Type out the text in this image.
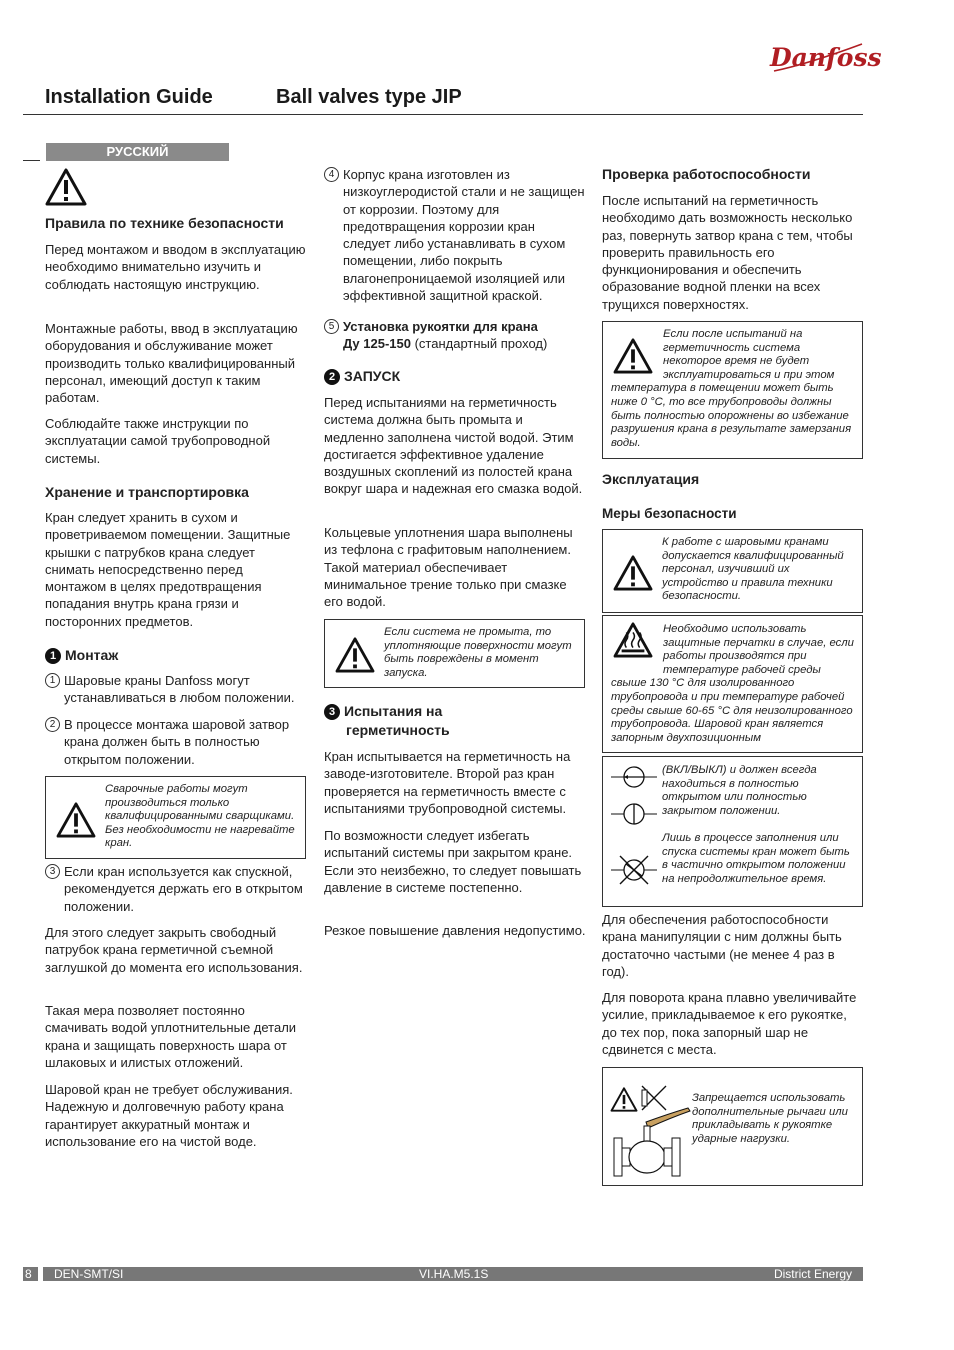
Danfoss
Installation Guide	Ball valves type JIP
РУССКИЙ
Правила по технике безопасности

Перед монтажом и вводом в эксплуатацию необходимо внимательно изучить и соблюдать настоящую инструкцию.

Монтажные работы, ввод в эксплуатацию оборудования и обслуживание может производить только квалифицированный персонал, имеющий доступ к таким работам.

Соблюдайте также инструкции по эксплуатации самой трубопроводной системы.

Хранение и транспортировка

Кран следует хранить в сухом и проветриваемом помещении. Защитные крышки с патрубков крана следует снимать непосредственно перед монтажом в целях предотвращения попадания внутрь крана грязи и посторонних предметов.

1 Монтаж
1 Шаровые краны Danfoss могут устанавливаться в любом положении.
2 В процессе монтажа шаровой затвор крана должен быть в полностью открытом положении.
Сварочные работы могут производиться только квалифицированными сварщиками. Без необходимости не нагревайте кран.
3 Если кран используется как спускной, рекомендуется держать его в открытом положении.

Для этого следует закрыть свободный патрубок крана герметичной съемной заглушкой до момента его использования.

Такая мера позволяет постоянно смачивать водой уплотнительные детали крана и защищать поверхность шара от шлаковых и илистых отложений.

Шаровой кран не требует обслуживания. Надежную и долговечную работу крана гарантирует аккуратный монтаж и использование его на чистой воде.

4 Корпус крана изготовлен из низкоуглеродистой стали и не защищен от коррозии. Поэтому для предотвращения коррозии кран следует либо устанавливать в сухом помещении, либо покрыть влагонепроницаемой изоляцией или эффективной защитной краской.
5 Установка рукоятки для крана
Ду 125-150 (стандартный проход)
2 ЗАПУСК

Перед испытаниями на герметичность система должна быть промыта и медленно заполнена чистой водой. Этим достигается эффективное удаление воздушных скоплений из полостей крана вокруг шара и надежная его смазка водой.

Кольцевые уплотнения шара выполнены из тефлона с графитовым наполнением. Такой материал обеспечивает минимальное трение только при смазке его водой.

Если система не промыта, то уплотняющие поверхности могут быть повреждены в момент запуска.
3 Испытания на
герметичность

Кран испытывается на герметичность на заводе-изготовителе. Второй раз кран проверяется на герметичность вместе с испытаниями трубопроводной системы.

По возможности следует избегать испытаний системы при закрытом кране. Если это неизбежно, то следует повышать давление в системе постепенно.

Резкое повышение давления недопустимо.

Проверка работоспособности

После испытаний на герметичность необходимо дать возможность несколько раз, повернуть затвор крана с тем, чтобы проверить правильность его функционирования и обеспечить образование водной пленки на всех трущихся поверхностях.

Если после испытаний на герметичность система некоторое время не будет эксплуатироваться и при этом температура в помещении может быть ниже 0 °С, то все трубопроводы должны быть полностью опорожнены во избежание разрушения крана в результате замерзания воды.
Эксплуатация
Меры безопасности
К работе с шаровыми кранами допускается квалифицированный персонал, изучивший их устройство и правила техники безопасности.
Необходимо использовать защитные перчатки в случае, если работы производятся при температуре рабочей среды свыше 130 °С для изолированного трубопровода и при температуре рабочей среды свыше 60-65 °С для неизолированного трубопровода. Шаровой кран является запорным двухпозиционным
(ВКЛ/ВЫКЛ) и должен всегда находиться в полностью открытом или полностью закрытом положении.
Лишь в процессе заполнения или спуска системы кран может быть в частично открытом положении на непродолжительное время.

Для обеспечения работоспособности крана манипуляции с ним должны быть достаточно частыми (не менее 4 раз в год).

Для поворота крана плавно увеличивайте усилие, прикладываемое к его рукоятке, до тех пор, пока запорный шар не сдвинется с места.

Запрещается использовать дополнительные рычаги или прикладывать к рукоятке ударные нагрузки.
8 DEN-SMT/SI	VI.HA.M5.1S	District Energy
